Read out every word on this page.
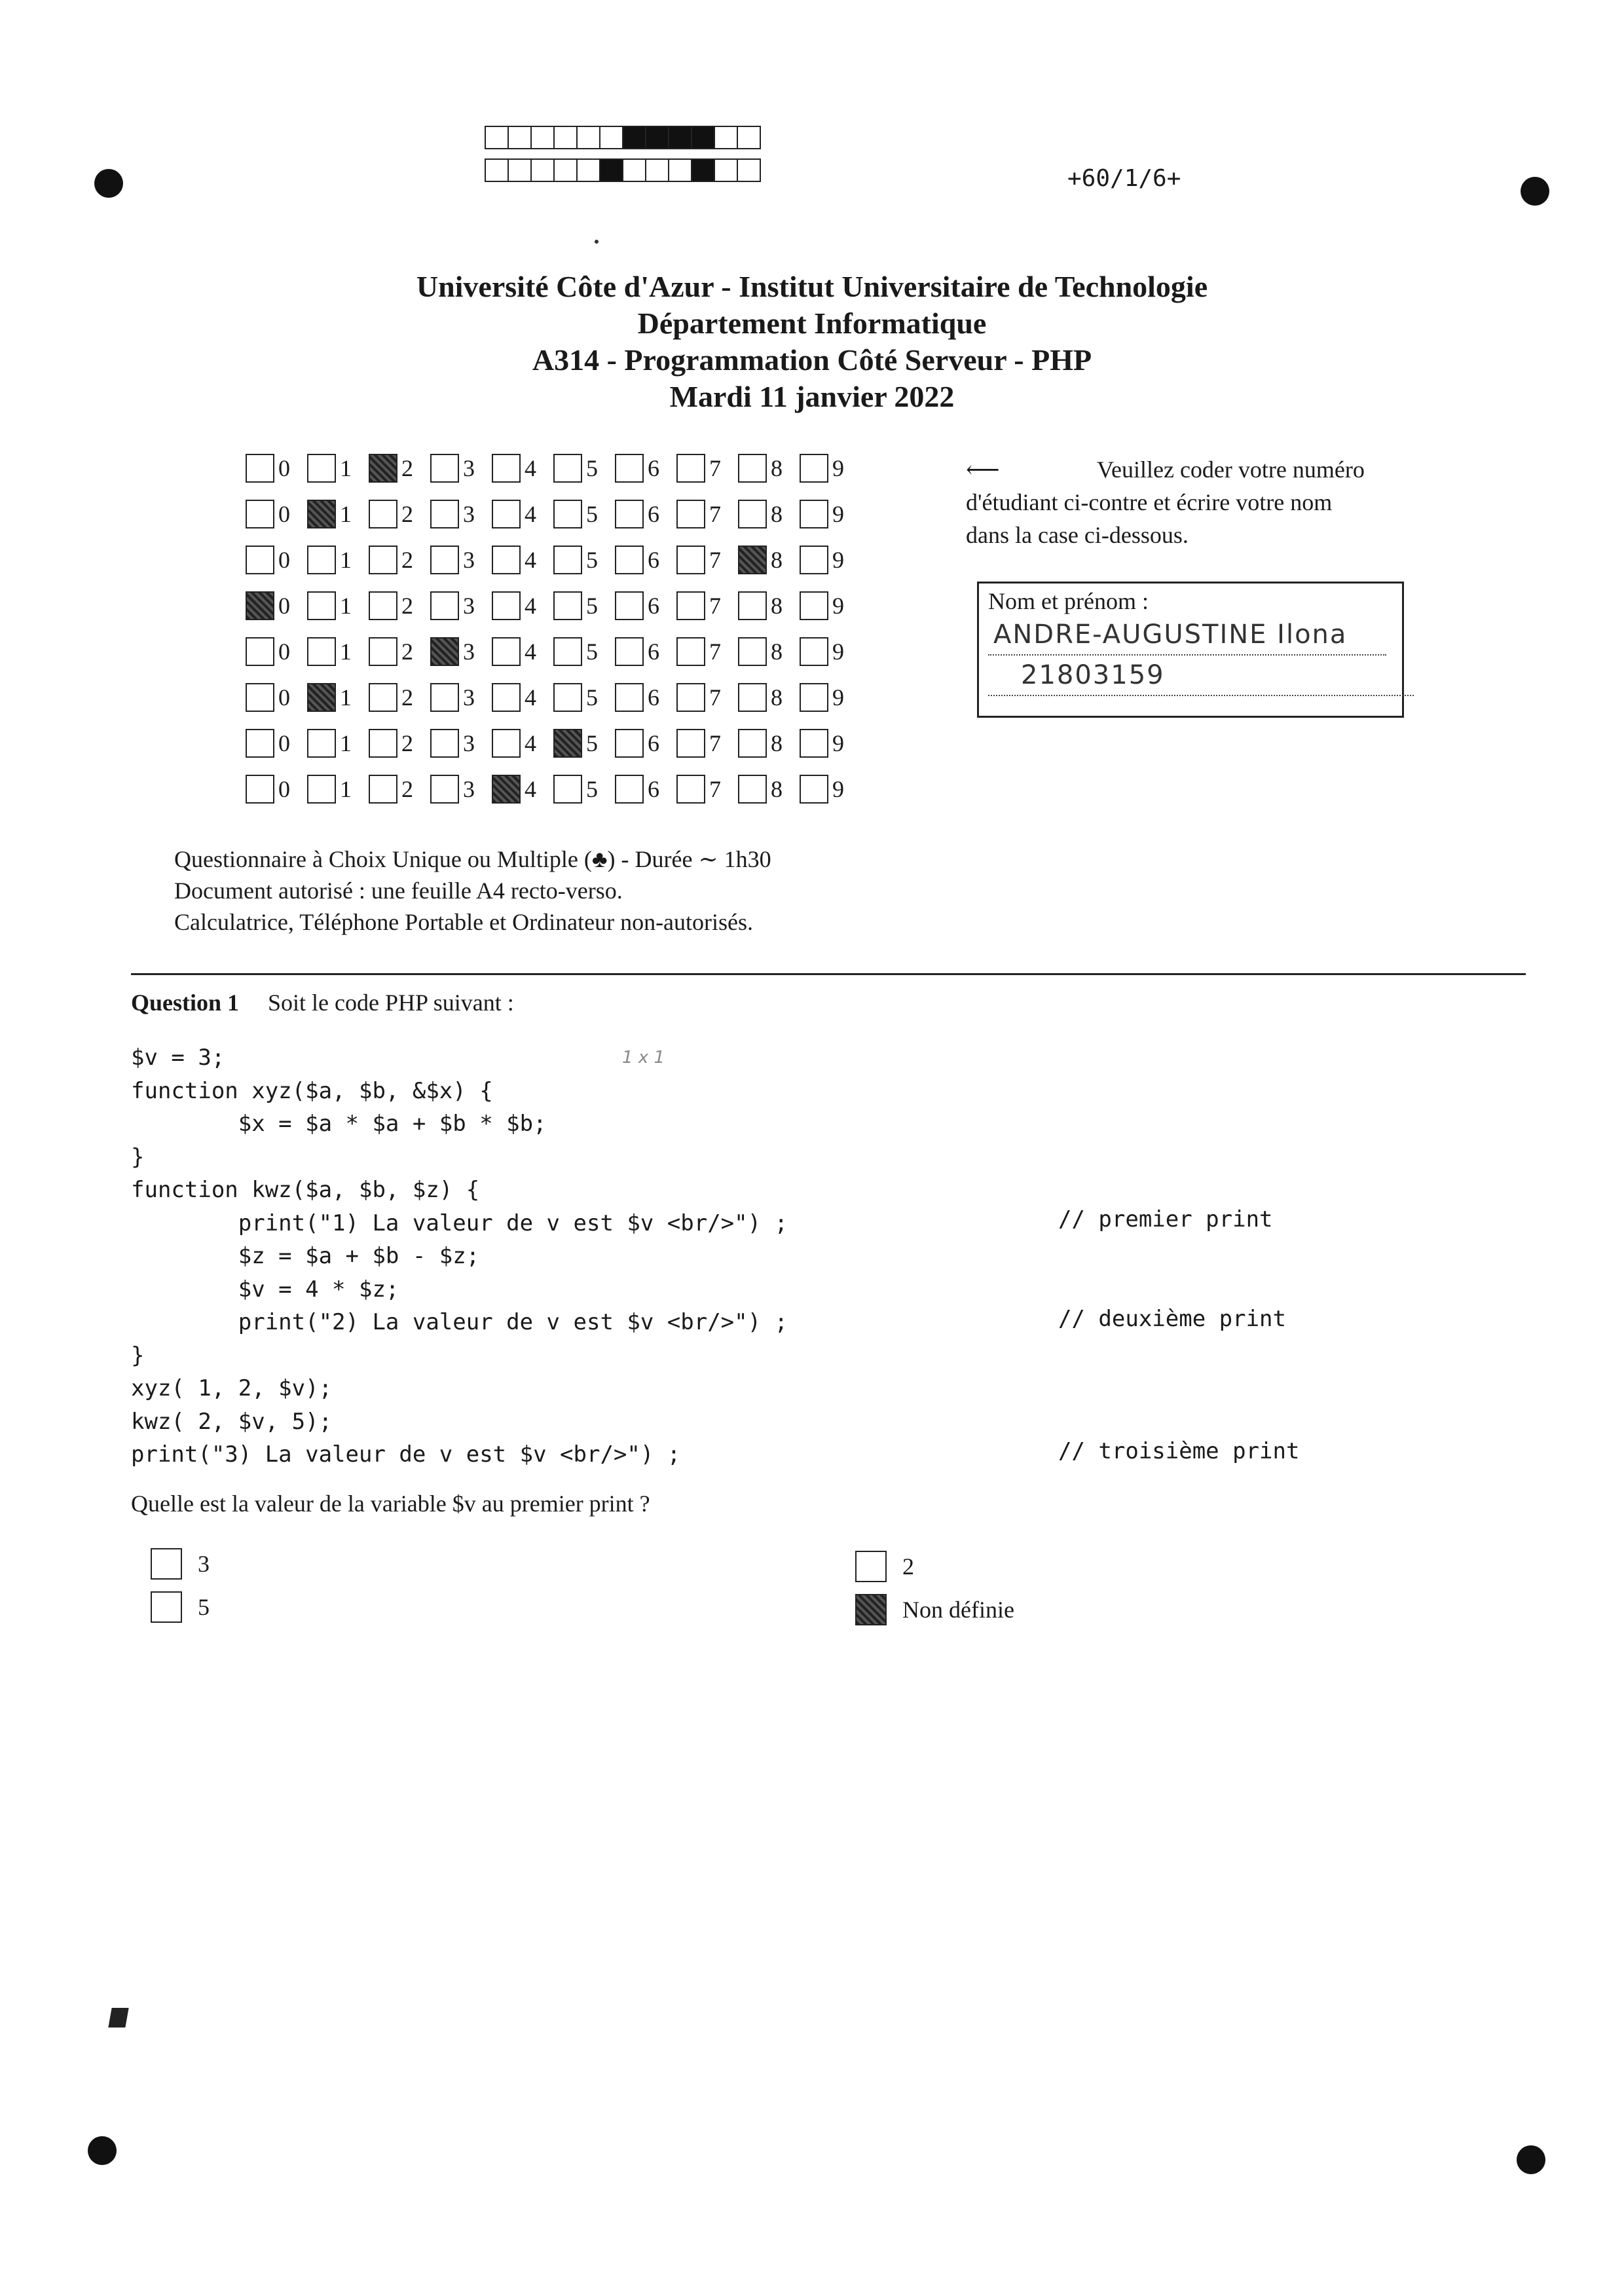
+60/1/6+
Université Côte d'Azur - Institut Universitaire de Technologie
Département Informatique
A314 - Programmation Côté Serveur - PHP
Mardi 11 janvier 2022
0 1 2 3 4 5 6 7 8 9
0 1 2 3 4 5 6 7 8 9
0 1 2 3 4 5 6 7 8 9
0 1 2 3 4 5 6 7 8 9
0 1 2 3 4 5 6 7 8 9
0 1 2 3 4 5 6 7 8 9
0 1 2 3 4 5 6 7 8 9
0 1 2 3 4 5 6 7 8 9
⟵	Veuillez coder votre numéro
d'étudiant ci-contre et écrire votre nom
dans la case ci-dessous.
Nom et prénom :
ANDRE-AUGUSTINE Ilona
21803159
Questionnaire à Choix Unique ou Multiple (♣) - Durée ∼ 1h30
Document autorisé : une feuille A4 recto-verso.
Calculatrice, Téléphone Portable et Ordinateur non-autorisés.
Question 1 Soit le code PHP suivant :
1 x 1
$v = 3;
function xyz($a, $b, &$x) {
$x = $a * $a + $b * $b;
}
function kwz($a, $b, $z) {
print("1) La valeur de v est $v <br/>") ;
$z = $a + $b - $z;
$v = 4 * $z;
print("2) La valeur de v est $v <br/>") ;
}
xyz( 1, 2, $v);
kwz( 2, $v, 5);
print("3) La valeur de v est $v <br/>") ;
// premier print
// deuxième print
// troisième print
Quelle est la valeur de la variable $v au premier print ?
3
5
2
Non définie
